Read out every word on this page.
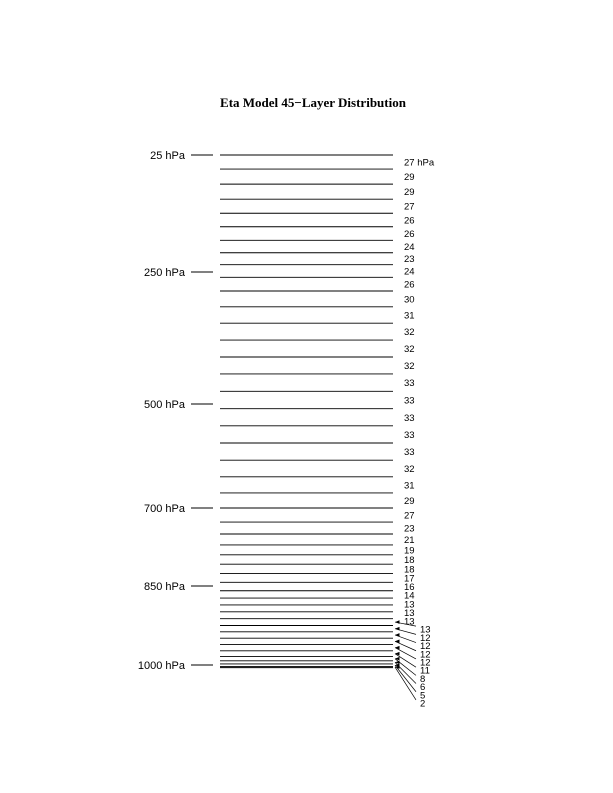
Eta Model 45−Layer Distribution
25 hPa
250 hPa
500 hPa
700 hPa
850 hPa
1000 hPa
27 hPa
29
29
27
26
26
24
23
24
26
30
31
32
32
32
33
33
33
33
33
32
31
29
27
23
21
19
18
18
17
16
14
13
13
13
13
12
12
12
12
11
8
6
5
2
